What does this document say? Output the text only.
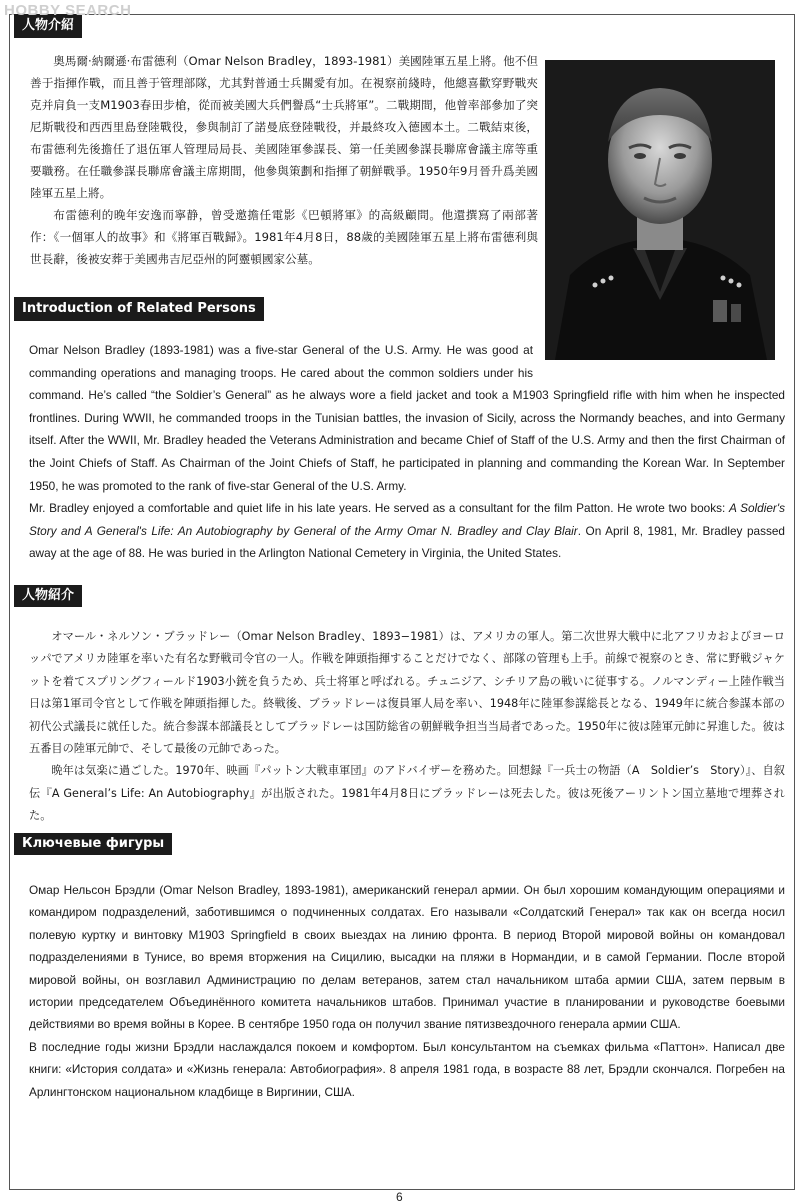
HOBBY SEARCH
人物介紹

奧馬爾·納爾遜·布雷德利（Omar Nelson Bradley，1893-1981）美國陸軍五星上將。他不但善于指揮作戰，而且善于管理部隊，尤其對普通士兵關愛有加。在視察前綫時，他總喜歡穿野戰夾克并肩負一支M1903春田步槍，從而被美國大兵們譽爲“士兵將軍”。二戰期間，他曾率部參加了突尼斯戰役和西西里島登陸戰役，參與制訂了諾曼底登陸戰役，并最終攻入德國本土。二戰結束後，布雷德利先後擔任了退伍軍人管理局局長、美國陸軍參謀長、第一任美國參謀長聯席會議主席等重要職務。在任職參謀長聯席會議主席期間，他參與策劃和指揮了朝鮮戰爭。1950年9月晉升爲美國陸軍五星上將。

布雷德利的晚年安逸而寧静，曾受邀擔任電影《巴頓將軍》的高級顧問。他還撰寫了兩部著作：《一個軍人的故事》和《將軍百戰歸》。1981年4月8日，88歲的美國陸軍五星上將布雷德利與世長辭，後被安葬于美國弗吉尼亞州的阿靈頓國家公墓。

Introduction of Related Persons

Omar Nelson Bradley (1893-1981) was a five-star General of the U.S. Army. He was good at commanding operations and managing troops. He cared about the common soldiers under his command. He’s called “the Soldier’s General” as he always wore a field jacket and took a M1903 Springfield rifle with him when he inspected frontlines. During WWII, he commanded troops in the Tunisian battles, the invasion of Sicily, across the Normandy beaches, and into Germany itself. After the WWII, Mr. Bradley headed the Veterans Administration and became Chief of Staff of the U.S. Army and then the first Chairman of the Joint Chiefs of Staff. As Chairman of the Joint Chiefs of Staff, he participated in planning and commanding the Korean War. In September 1950, he was promoted to the rank of five-star General of the U.S. Army.

Mr. Bradley enjoyed a comfortable and quiet life in his late years. He served as a consultant for the film Patton. He wrote two books: A Soldier's Story and A General's Life: An Autobiography by General of the Army Omar N. Bradley and Clay Blair. On April 8, 1981, Mr. Bradley passed away at the age of 88. He was buried in the Arlington National Cemetery in Virginia, the United States.

人物紹介

オマール・ネルソン・ブラッドレー（Omar Nelson Bradley、1893−1981）は、アメリカの軍人。第二次世界大戦中に北アフリカおよびヨーロッパでアメリカ陸軍を率いた有名な野戦司令官の一人。作戦を陣頭指揮することだけでなく、部隊の管理も上手。前線で視察のとき、常に野戦ジャケットを着てスプリングフィールド1903小銃を負うため、兵士将軍と呼ばれる。チュニジア、シチリア島の戦いに従事する。ノルマンディー上陸作戦当日は第1軍司令官として作戦を陣頭指揮した。終戦後、ブラッドレーは復員軍人局を率い、1948年に陸軍参謀総長となる、1949年に統合参謀本部の初代公式議長に就任した。統合参謀本部議長としてブラッドレーは国防総省の朝鮮戦争担当当局者であった。1950年に彼は陸軍元帥に昇進した。彼は五番目の陸軍元帥で、そして最後の元帥であった。

晩年は気楽に過ごした。1970年、映画『パットン大戦車軍団』のアドバイザーを務めた。回想録『一兵士の物語（A　Soldier’s　Story）』、自叙伝『A General’s Life: An Autobiography』が出版された。1981年4月8日にブラッドレーは死去した。彼は死後アーリントン国立墓地で埋葬された。

Ключевые фигуры

Омар Нельсон Брэдли (Omar Nelson Bradley, 1893-1981), американский генерал армии. Он был хорошим командующим операциями и командиром подразделений, заботившимся о подчиненных солдатах. Его называли «Солдатский Генерал» так как он всегда носил полевую куртку и винтовку M1903 Springfield в своих выездах на линию фронта. В период Второй мировой войны он командовал подразделениями в Тунисе, во время вторжения на Сицилию, высадки на пляжи в Нормандии, и в самой Германии. После второй мировой войны, он возглавил Администрацию по делам ветеранов, затем стал начальником штаба армии США, затем первым в истории председателем Объединённого комитета начальников штабов. Принимал участие в планировании и руководстве боевыми действиями во время войны в Корее. В сентябре 1950 года он получил звание пятизвездочного генерала армии США.

В последние годы жизни Брэдли наслаждался покоем и комфортом. Был консультантом на съемках фильма «Паттон». Написал две книги: «История солдата» и «Жизнь генерала: Автобиография». 8 апреля 1981 года, в возрасте 88 лет, Брэдли скончался. Погребен на Арлингтонском национальном кладбище в Виргинии, США.

6
